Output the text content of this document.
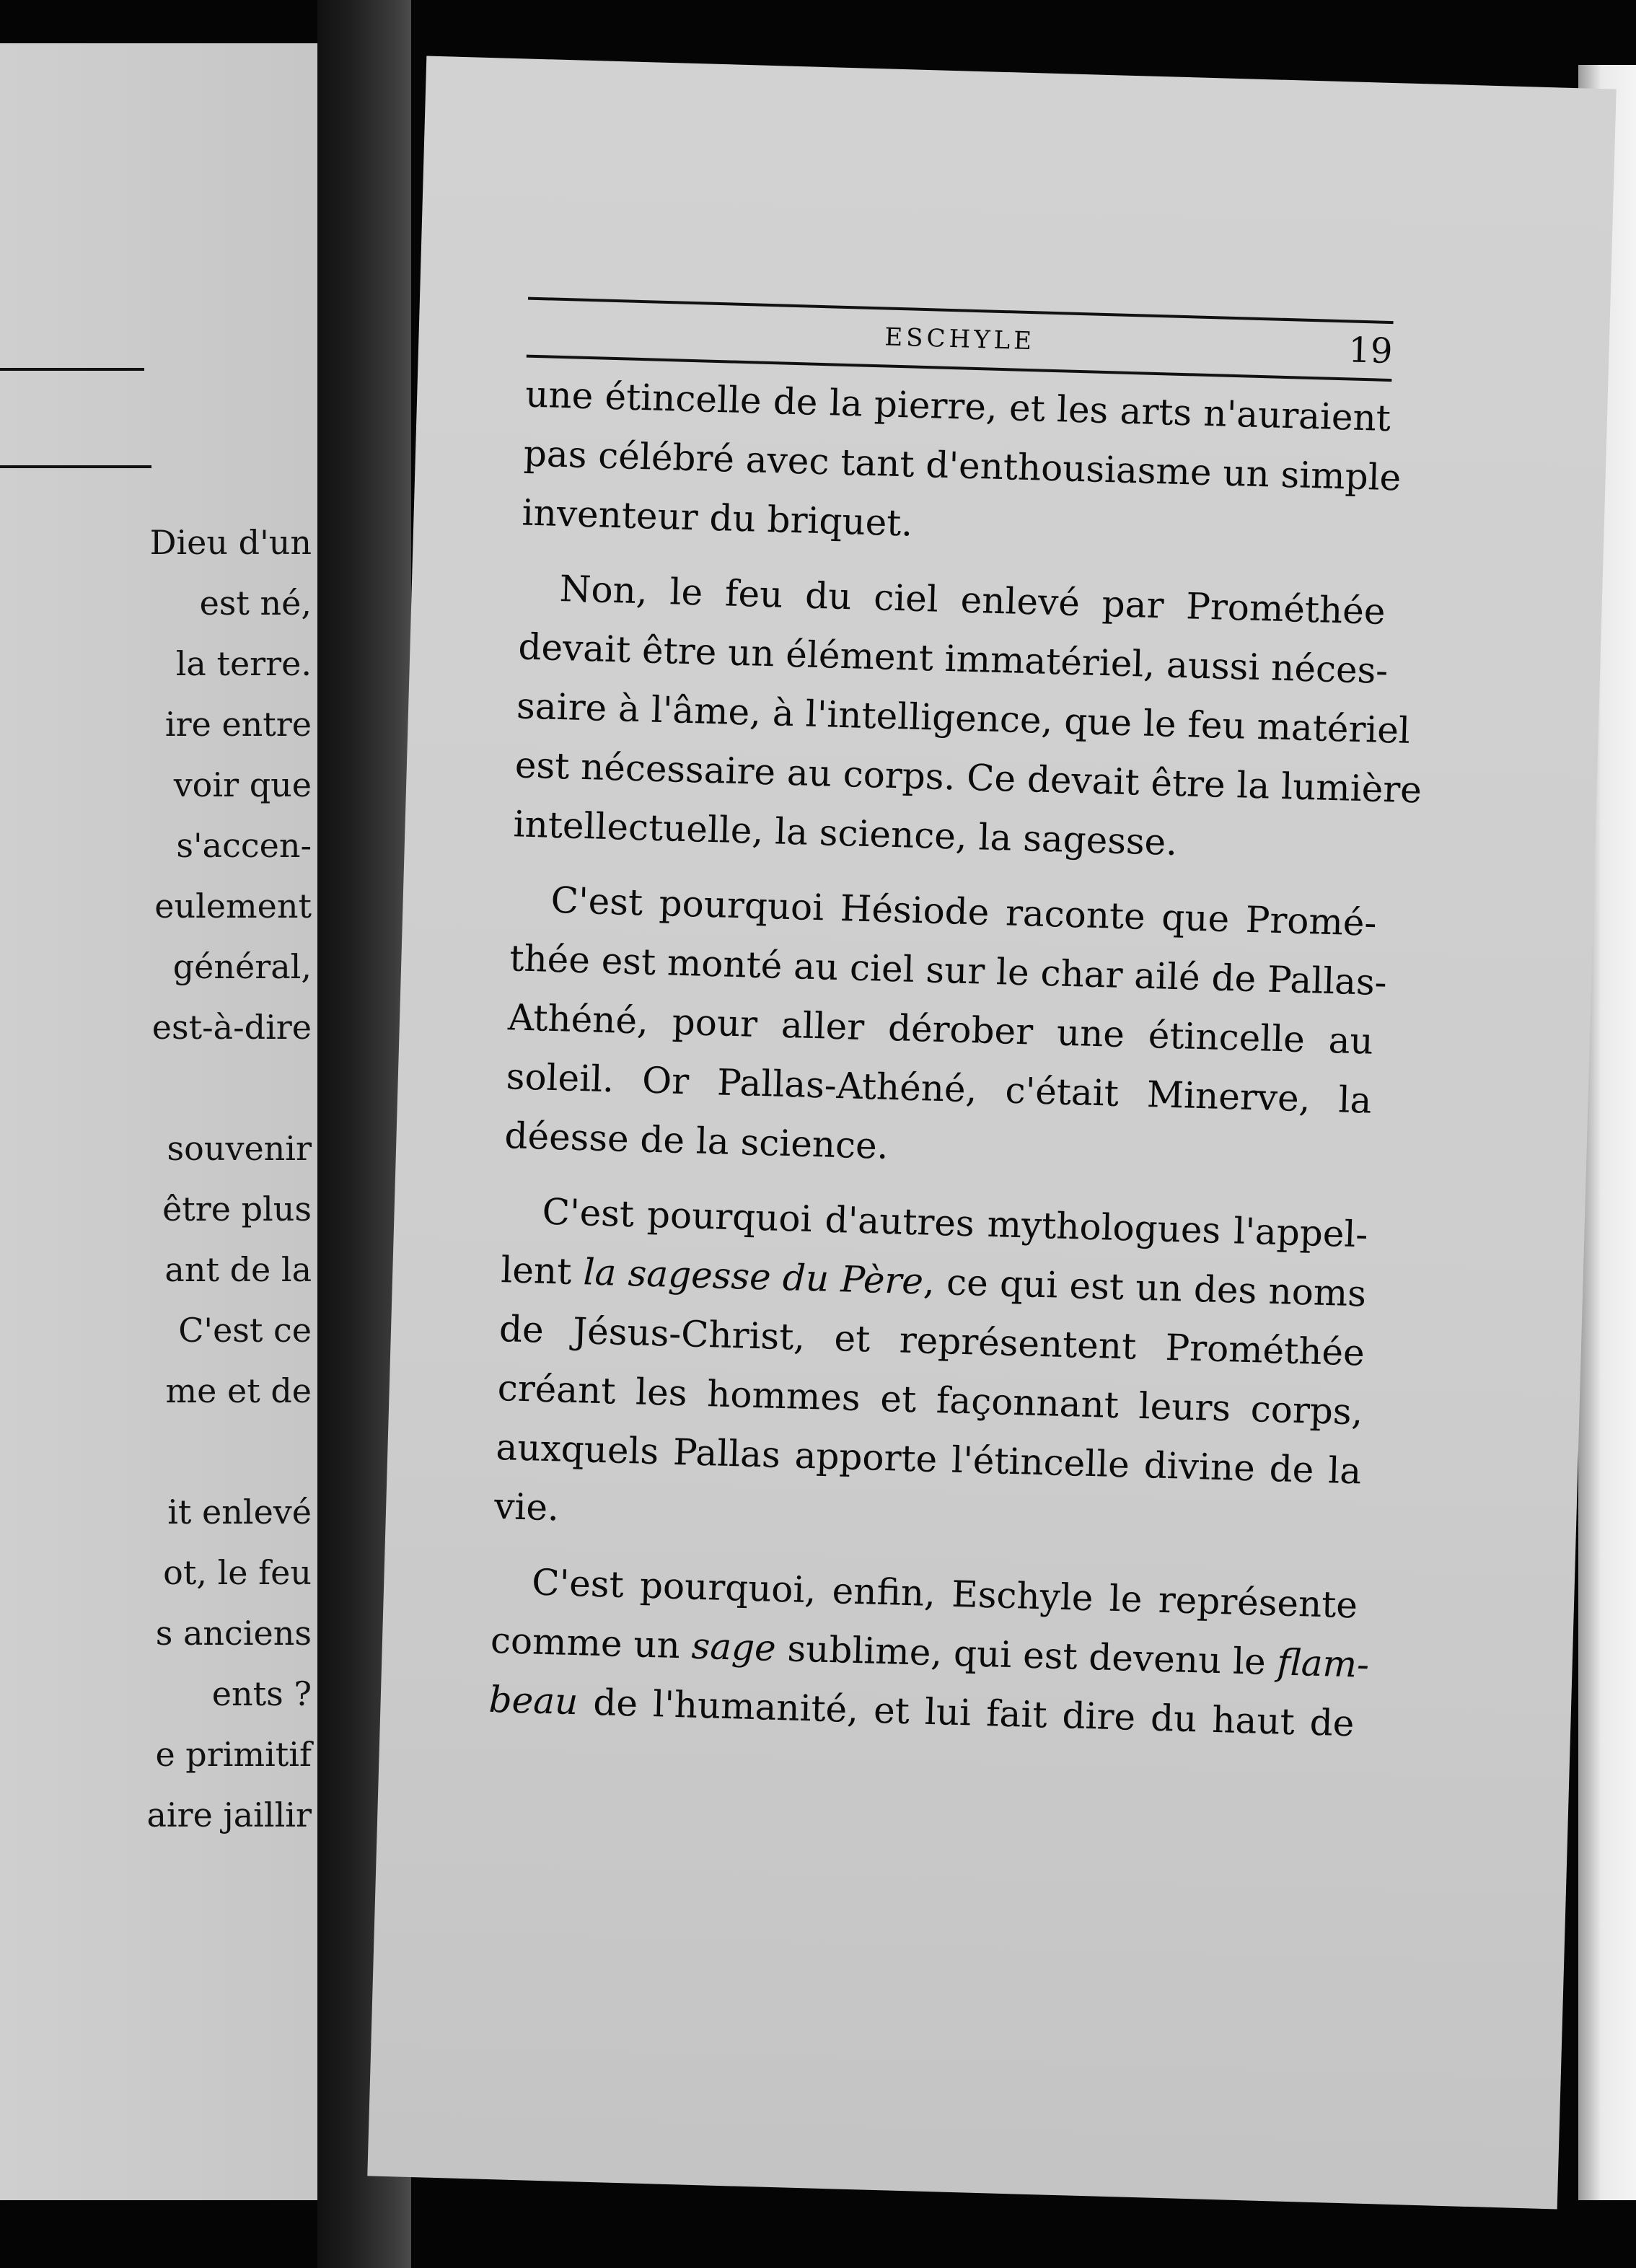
Dieu d'un
est né,
la terre.
ire entre
voir que
s'accen-
eulement
général,
est-à-dire
souvenir
être plus
ant de la
C'est ce
me et de
it enlevé
ot, le feu
s anciens
ents ?
e primitif
aire jaillir
ESCHYLE	19
une étincelle de la pierre, et les arts n'auraient
pas célébré avec tant d'enthousiasme un simple
inventeur du briquet.
Non, le feu du ciel enlevé par Prométhée
devait être un élément immatériel, aussi néces-
saire à l'âme, à l'intelligence, que le feu matériel
est nécessaire au corps. Ce devait être la lumière
intellectuelle, la science, la sagesse.
C'est pourquoi Hésiode raconte que Promé-
thée est monté au ciel sur le char ailé de Pallas-
Athéné, pour aller dérober une étincelle au
soleil. Or Pallas-Athéné, c'était Minerve, la
déesse de la science.
C'est pourquoi d'autres mythologues l'appel-
lent la sagesse du Père, ce qui est un des noms
de Jésus-Christ, et représentent Prométhée
créant les hommes et façonnant leurs corps,
auxquels Pallas apporte l'étincelle divine de la
vie.
C'est pourquoi, enfin, Eschyle le représente
comme un sage sublime, qui est devenu le flam-
beau de l'humanité, et lui fait dire du haut de
